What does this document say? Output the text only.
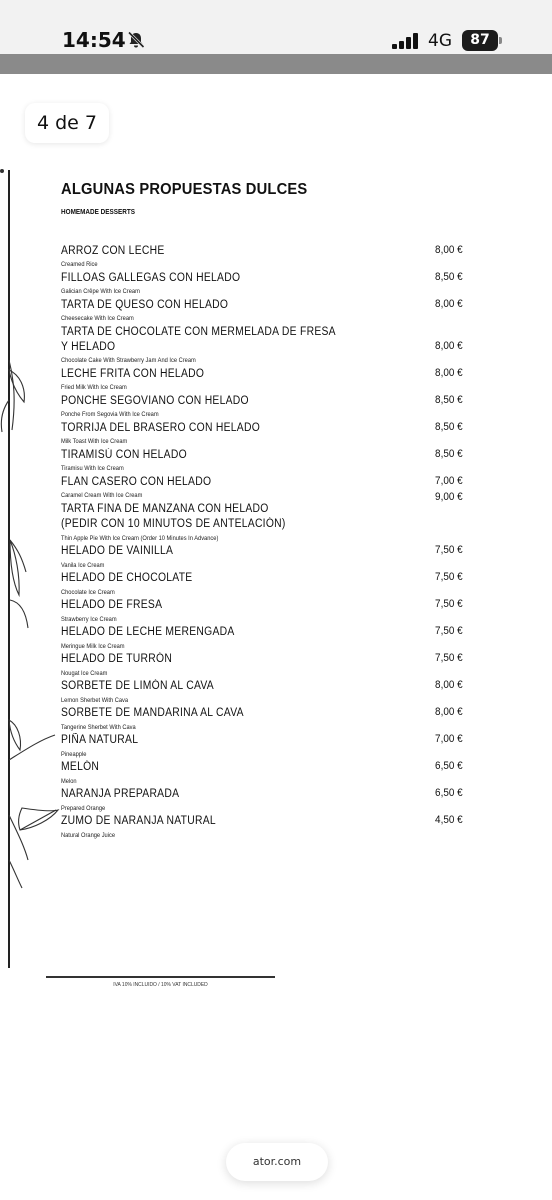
14:54	4G	87
4 de 7
ALGUNAS PROPUESTAS DULCES
HOMEMADE DESSERTS
ARROZ CON LECHE
Creamed Rice
8,00 €
FILLOAS GALLEGAS CON HELADO
Galician Crêpe With Ice Cream
8,50 €
TARTA DE QUESO CON HELADO
Cheesecake With Ice Cream
8,00 €
TARTA DE CHOCOLATE CON MERMELADA DE FRESA
Y HELADO
Chocolate Cake With Strawberry Jam And Ice Cream
8,00 €
LECHE FRITA CON HELADO
Fried Milk With Ice Cream
8,00 €
PONCHE SEGOVIANO CON HELADO
Ponche From Segovia With Ice Cream
8,50 €
TORRIJA DEL BRASERO CON HELADO
Milk Toast With Ice Cream
8,50 €
TIRAMISÚ CON HELADO
Tiramisu With Ice Cream
8,50 €
FLAN CASERO CON HELADO
Caramel Cream With Ice Cream
7,00 €
TARTA FINA DE MANZANA CON HELADO
(PEDIR CON 10 MINUTOS DE ANTELACIÓN)
Thin Apple Pie With Ice Cream (Order 10 Minutes In Advance)
9,00 €
HELADO DE VAINILLA
Vanila Ice Cream
7,50 €
HELADO DE CHOCOLATE
Chocolate Ice Cream
7,50 €
HELADO DE FRESA
Strawberry Ice Cream
7,50 €
HELADO DE LECHE MERENGADA
Meringue Milk Ice Cream
7,50 €
HELADO DE TURRÓN
Nougat Ice Cream
7,50 €
SORBETE DE LIMÓN AL CAVA
Lemon Sherbet With Cava
8,00 €
SORBETE DE MANDARINA AL CAVA
Tangerine Sherbet With Cava
8,00 €
PIÑA NATURAL
Pineapple
7,00 €
MELÓN
Melon
6,50 €
NARANJA PREPARADA
Prepared Orange
6,50 €
ZUMO DE NARANJA NATURAL
Natural Orange Juice
4,50 €
IVA 10% INCLUIDO / 10% VAT INCLUDED
ator.com
